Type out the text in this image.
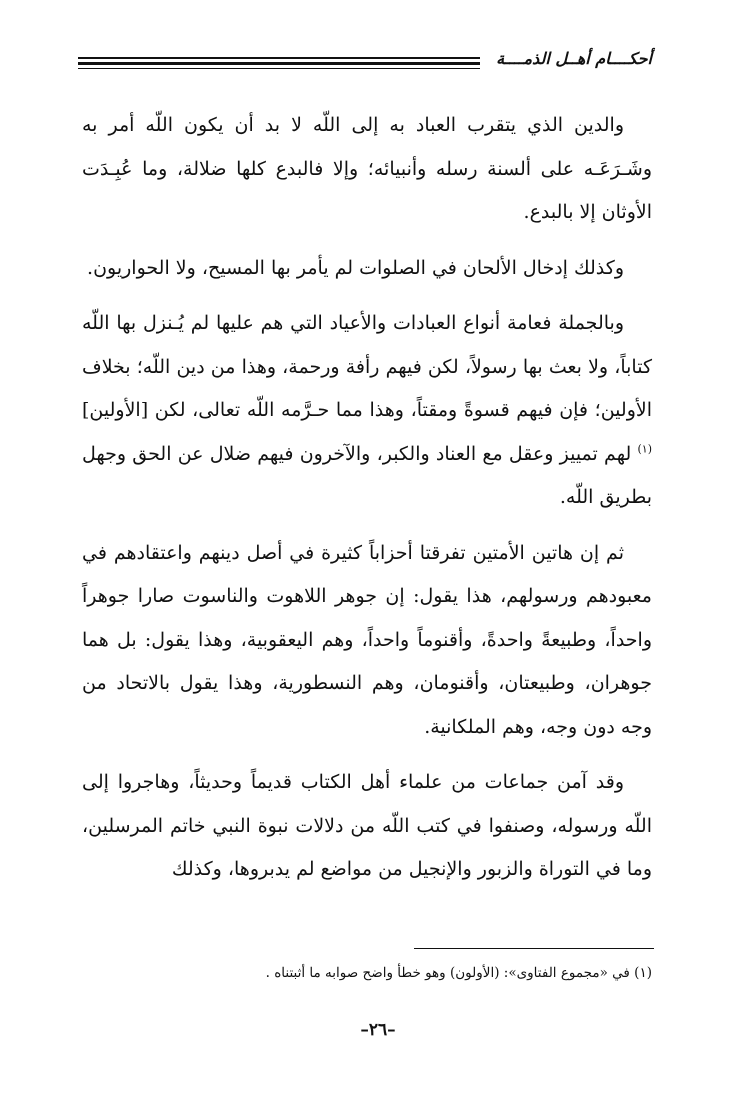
أحكــــام أهــل الذمــــة

والدين الذي يتقرب العباد به إلى اللّه لا بد أن يكون اللّه أمر به وشَـرَعَـه على ألسنة رسله وأنبيائه؛ وإلا فالبدع كلها ضلالة، وما عُبِـدَت الأوثان إلا بالبدع.

وكذلك إدخال الألحان في الصلوات لم يأمر بها المسيح، ولا الحواريون.

وبالجملة فعامة أنواع العبادات والأعياد التي هم عليها لم يُـنزل بها اللّه كتاباً، ولا بعث بها رسولاً، لكن فيهم رأفة ورحمة، وهذا من دين اللّه؛ بخلاف الأولين؛ فإن فيهم قسوةً ومقتاً، وهذا مما حـرَّمه اللّه تعالى، لكن [الأولين]$^{(١)}$ لهم تمييز وعقل مع العناد والكبر، والآخرون فيهم ضلال عن الحق وجهل بطريق اللّه.

ثم إن هاتين الأمتين تفرقتا أحزاباً كثيرة في أصل دينهم واعتقادهم في معبودهم ورسولهم، هذا يقول: إن جوهر اللاهوت والناسوت صارا جوهراً واحداً، وطبيعةً واحدةً، وأقنوماً واحداً، وهم اليعقوبية، وهذا يقول: بل هما جوهران، وطبيعتان، وأقنومان، وهم النسطورية، وهذا يقول بالاتحاد من وجه دون وجه، وهم الملكانية.

وقد آمن جماعات من علماء أهل الكتاب قديماً وحديثاً، وهاجروا إلى اللّه ورسوله، وصنفوا في كتب اللّه من دلالات نبوة النبي خاتم المرسلين، وما في التوراة والزبور والإنجيل من مواضع لم يدبروها، وكذلك

(١) في «مجموع الفتاوى»: (الأولون) وهو خطأ واضح صوابه ما أثبتناه .
–٢٦–
